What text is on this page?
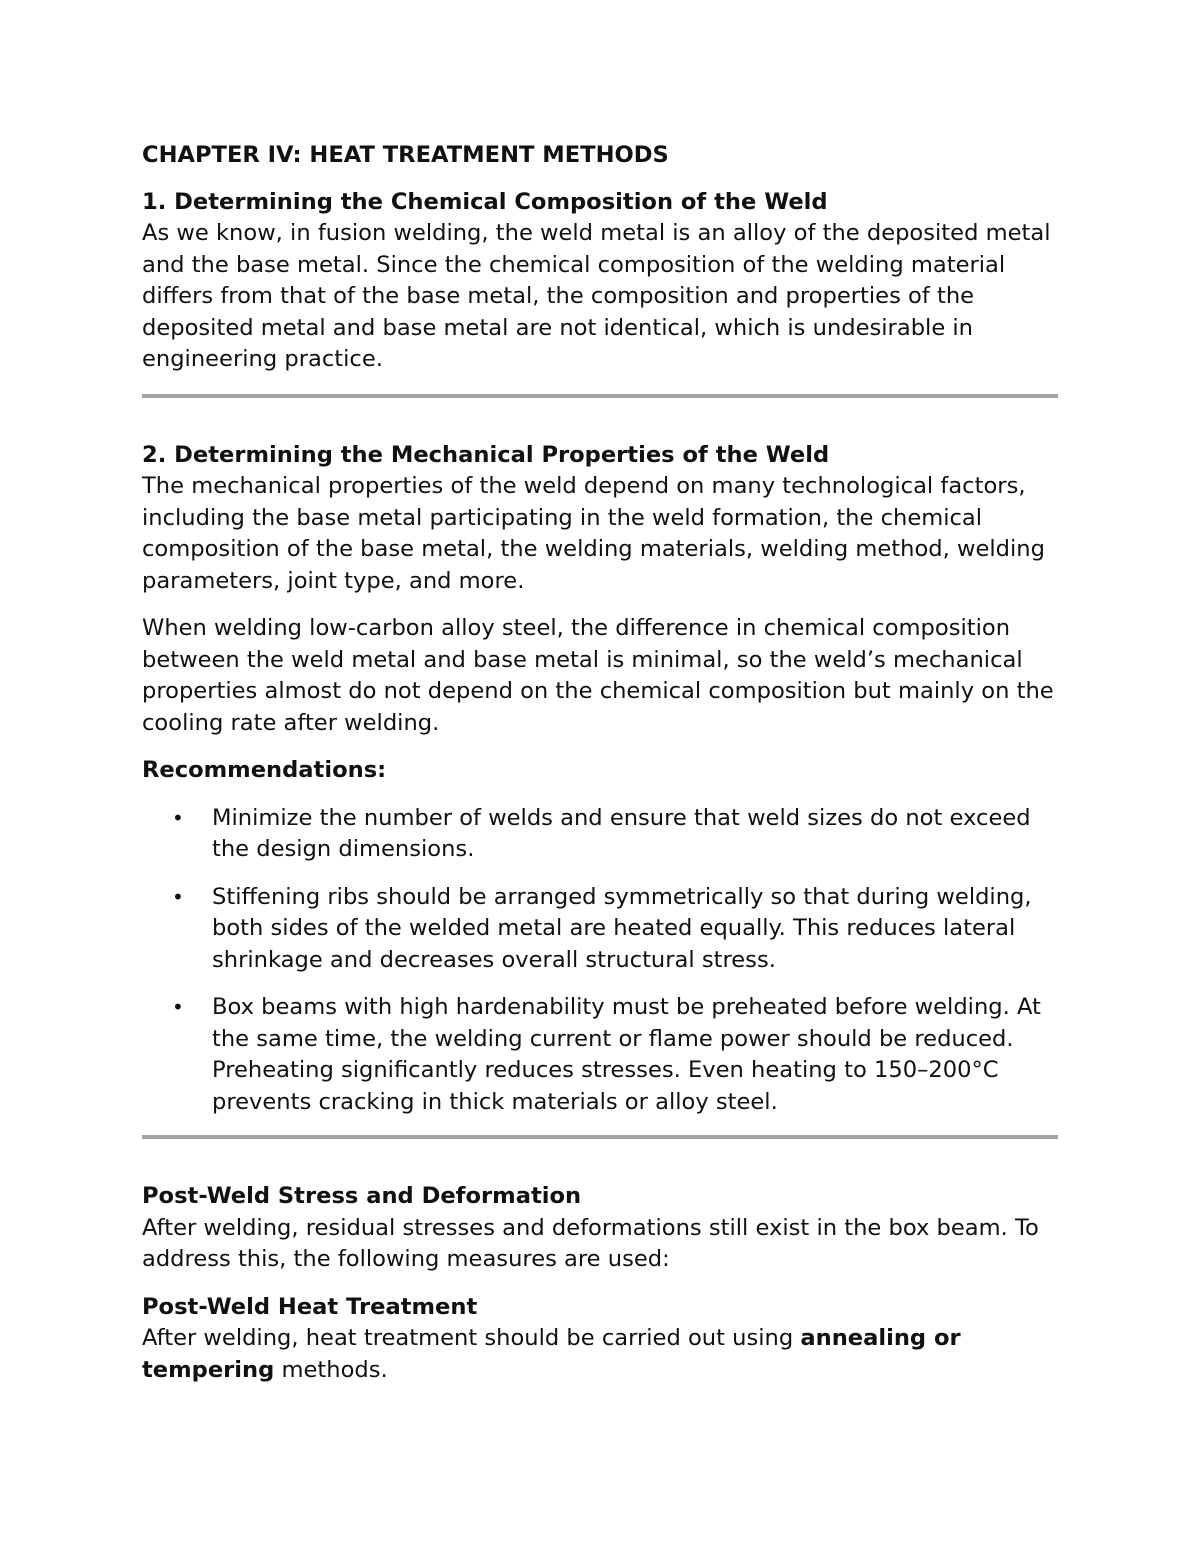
CHAPTER IV: HEAT TREATMENT METHODS

1. Determining the Chemical Composition of the Weld

As we know, in fusion welding, the weld metal is an alloy of the deposited metal and the base metal. Since the chemical composition of the welding material differs from that of the base metal, the composition and properties of the deposited metal and base metal are not identical, which is undesirable in engineering practice.

2. Determining the Mechanical Properties of the Weld

The mechanical properties of the weld depend on many technological factors, including the base metal participating in the weld formation, the chemical composition of the base metal, the welding materials, welding method, welding parameters, joint type, and more.

When welding low-carbon alloy steel, the difference in chemical composition between the weld metal and base metal is minimal, so the weld’s mechanical properties almost do not depend on the chemical composition but mainly on the cooling rate after welding.

Recommendations:

• Minimize the number of welds and ensure that weld sizes do not exceed the design dimensions.
• Stiffening ribs should be arranged symmetrically so that during welding, both sides of the welded metal are heated equally. This reduces lateral shrinkage and decreases overall structural stress.
• Box beams with high hardenability must be preheated before welding. At the same time, the welding current or flame power should be reduced. Preheating significantly reduces stresses. Even heating to 150–200°C prevents cracking in thick materials or alloy steel.

Post-Weld Stress and Deformation

After welding, residual stresses and deformations still exist in the box beam. To address this, the following measures are used:

Post-Weld Heat Treatment

After welding, heat treatment should be carried out using annealing or tempering methods.
